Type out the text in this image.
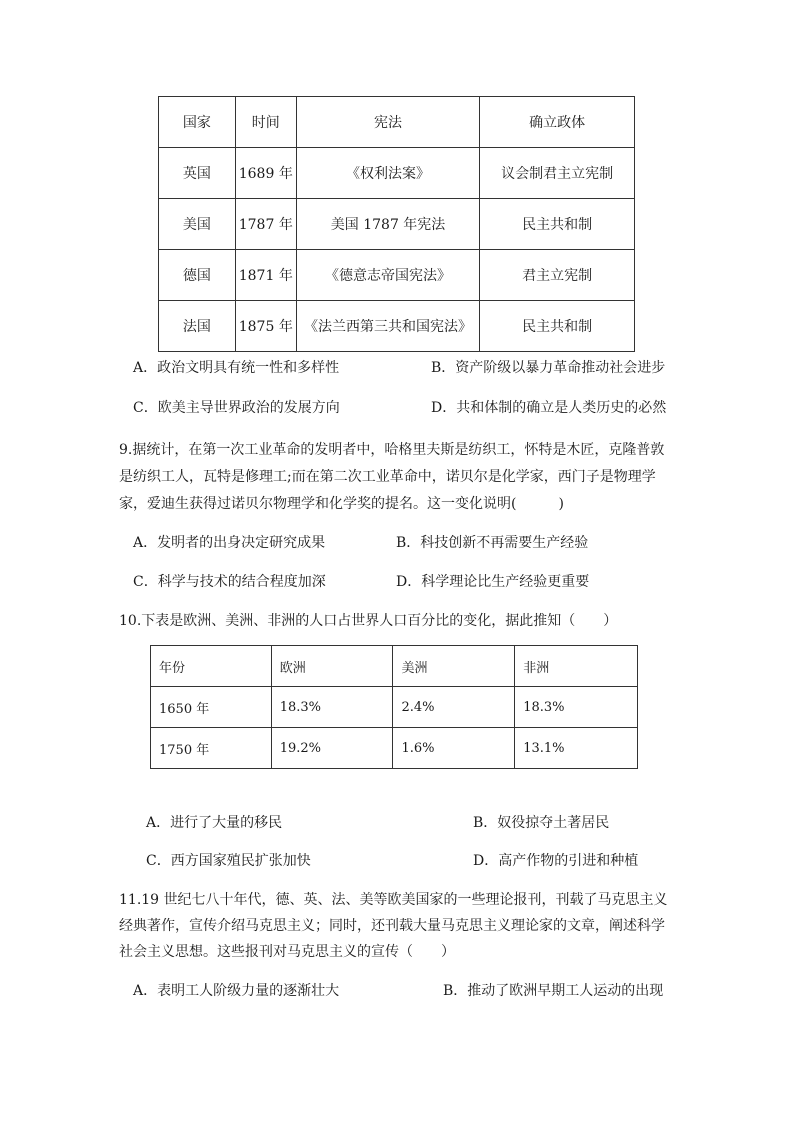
国家	时间	宪法	确立政体
英国	1689 年	《权利法案》	议会制君主立宪制
美国	1787 年	美国 1787 年宪法	民主共和制
德国	1871 年	《德意志帝国宪法》	君主立宪制
法国	1875 年	《法兰西第三共和国宪法》	民主共和制
A．政治文明具有统一性和多样性	B．资产阶级以暴力革命推动社会进步
C．欧美主导世界政治的发展方向	D．共和体制的确立是人类历史的必然
9.据统计，在第一次工业革命的发明者中，哈格里夫斯是纺织工，怀特是木匠，克隆普敦
是纺织工人，瓦特是修理工;而在第二次工业革命中，诺贝尔是化学家，西门子是物理学
家，爱迪生获得过诺贝尔物理学和化学奖的提名。这一变化说明(　　　)
A．发明者的出身决定研究成果	B．科技创新不再需要生产经验
C．科学与技术的结合程度加深	D．科学理论比生产经验更重要
10.下表是欧洲、美洲、非洲的人口占世界人口百分比的变化，据此推知（　　）
年份	欧洲	美洲	非洲
1650 年	18.3%	2.4%	18.3%
1750 年	19.2%	1.6%	13.1%
A．进行了大量的移民	B．奴役掠夺土著居民
C．西方国家殖民扩张加快	D．高产作物的引进和种植
11.19 世纪七八十年代，德、英、法、美等欧美国家的一些理论报刊，刊载了马克思主义
经典著作，宣传介绍马克思主义；同时，还刊载大量马克思主义理论家的文章，阐述科学
社会主义思想。这些报刊对马克思主义的宣传（　　）
A．表明工人阶级力量的逐渐壮大	B．推动了欧洲早期工人运动的出现
